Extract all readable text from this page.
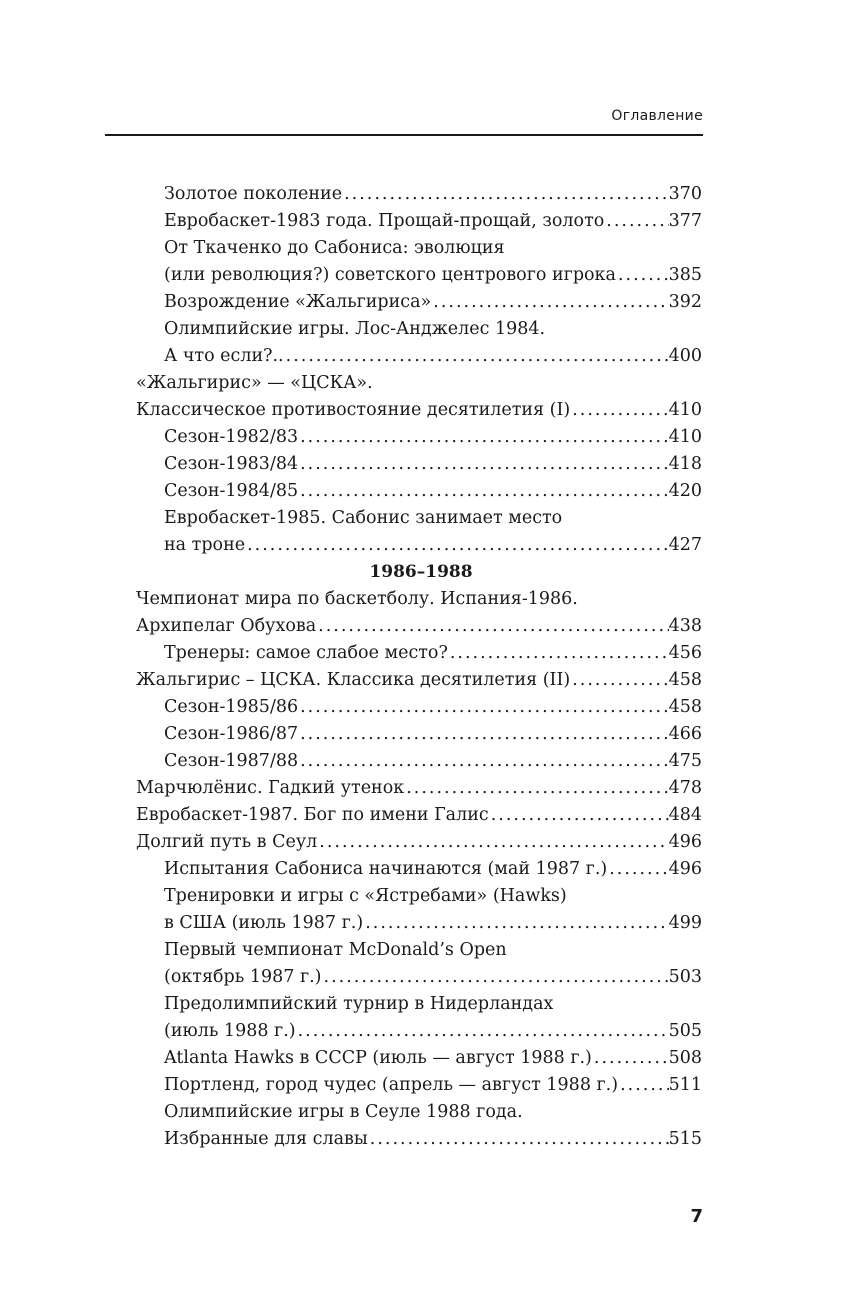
Оглавление
Золотое поколение .....	370
Евробаскет-1983 года. Прощай-прощай, золото .....	377
От Ткаченко до Сабониса: эволюция
(или революция?) советского центрового игрока .....	385
Возрождение «Жальгириса» .....	392
Олимпийские игры. Лос-Анджелес 1984.
А что если?.. .....	400
«Жальгирис» — «ЦСКА».
Классическое противостояние десятилетия (I) .....	410
Сезон-1982/83 .....	410
Сезон-1983/84 .....	418
Сезон-1984/85 .....	420
Евробаскет-1985. Сабонис занимает место
на троне .....	427
1986–1988
Чемпионат мира по баскетболу. Испания-1986.
Архипелаг Обухова .....	438
Тренеры: самое слабое место? .....	456
Жальгирис – ЦСКА. Классика десятилетия (II) .....	458
Сезон-1985/86 .....	458
Сезон-1986/87 .....	466
Сезон-1987/88 .....	475
Марчюлёнис. Гадкий утенок .....	478
Евробаскет-1987. Бог по имени Галис .....	484
Долгий путь в Сеул .....	496
Испытания Сабониса начинаются (май 1987 г.) .....	496
Тренировки и игры с «Ястребами» (Hawks)
в США (июль 1987 г.) .....	499
Первый чемпионат McDonald’s Open
(октябрь 1987 г.) .....	503
Предолимпийский турнир в Нидерландах
(июль 1988 г.) .....	505
Atlanta Hawks в СССР (июль — август 1988 г.) .....	508
Портленд, город чудес (апрель — август 1988 г.) .....	511
Олимпийские игры в Сеуле 1988 года.
Избранные для славы .....	515
7
